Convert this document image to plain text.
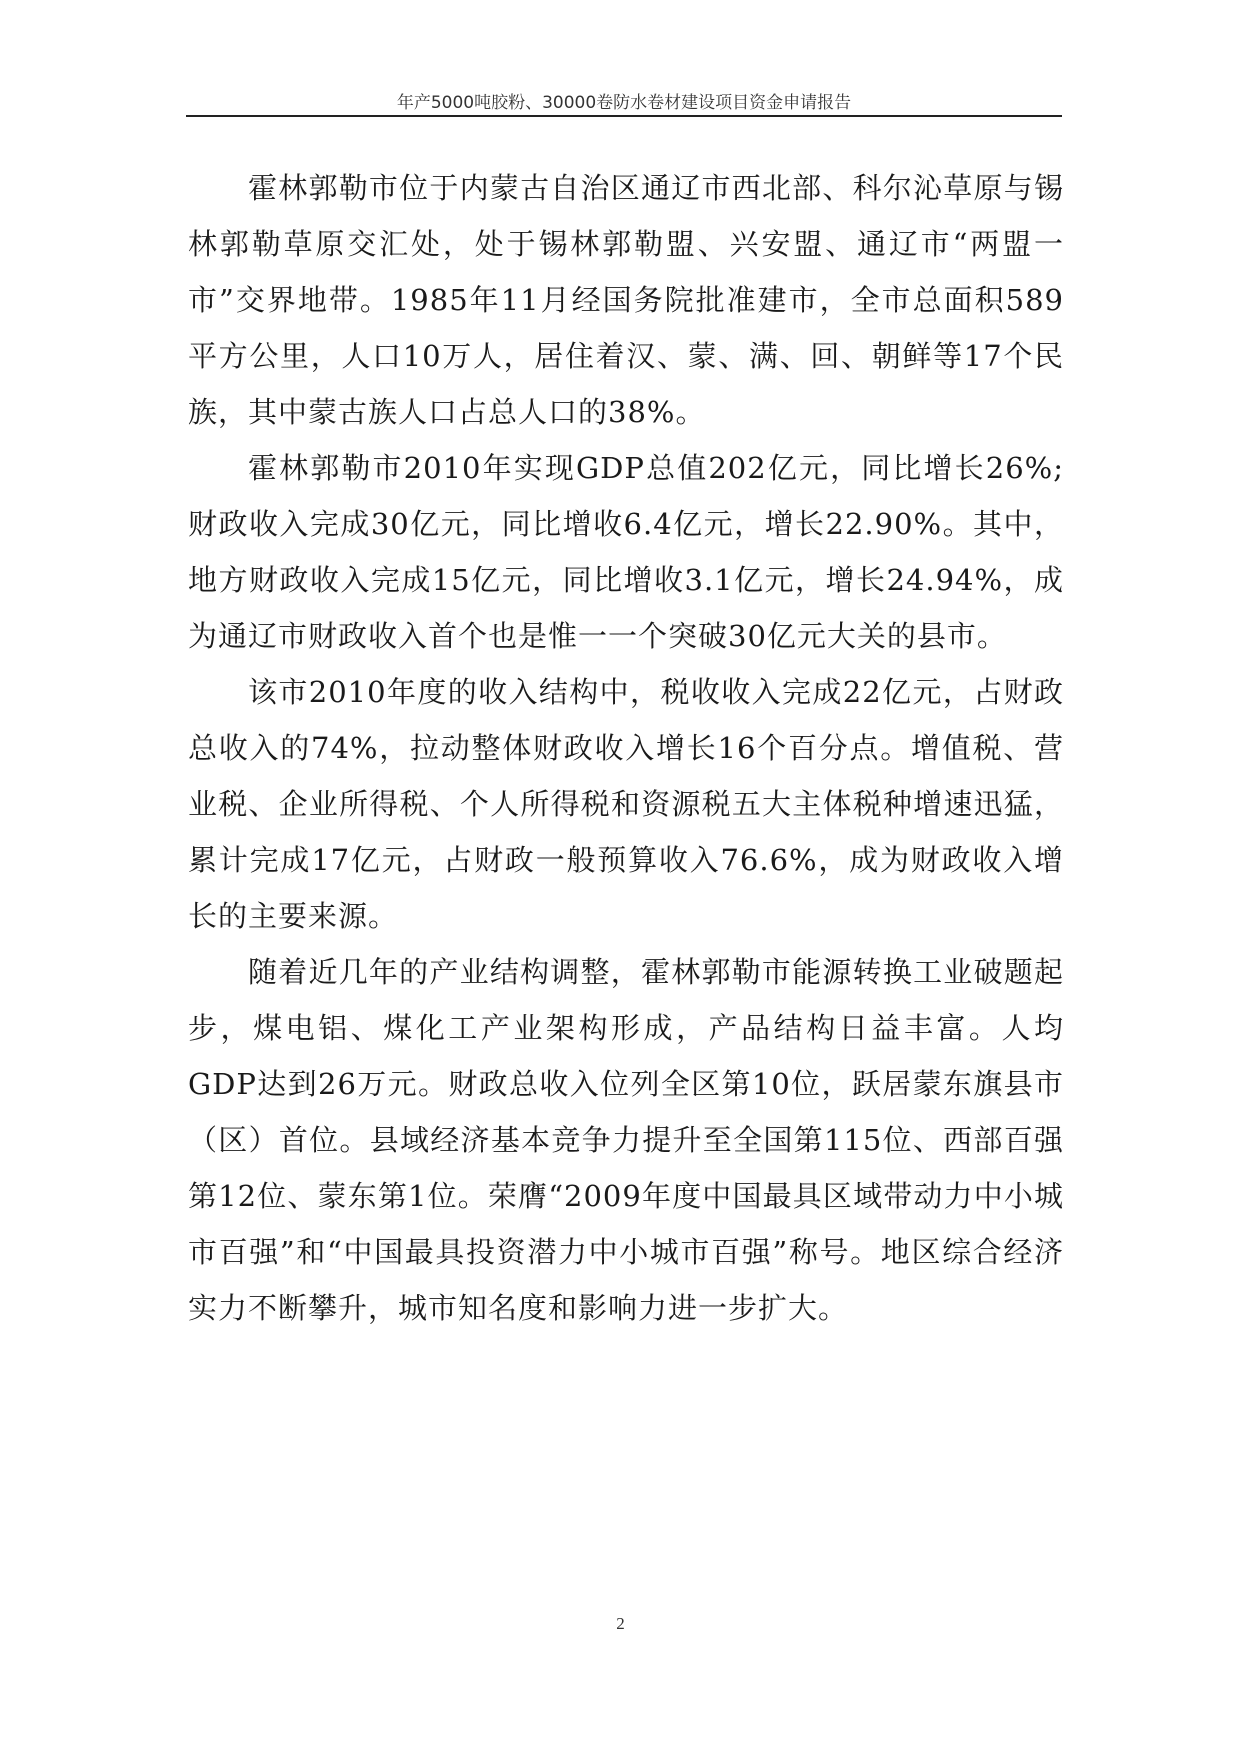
年产5000吨胶粉、30000卷防水卷材建设项目资金申请报告

霍林郭勒市位于内蒙古自治区通辽市西北部、科尔沁草原与锡林郭勒草原交汇处，处于锡林郭勒盟、兴安盟、通辽市“两盟一市”交界地带。1985年11月经国务院批准建市，全市总面积589平方公里，人口10万人，居住着汉、蒙、满、回、朝鲜等17个民族，其中蒙古族人口占总人口的38%。

霍林郭勒市2010年实现GDP总值202亿元，同比增长26%; 财政收入完成30亿元，同比增收6.4亿元，增长22.90%。其中，地方财政收入完成15亿元，同比增收3.1亿元，增长24.94%，成为通辽市财政收入首个也是惟一一个突破30亿元大关的县市。

该市2010年度的收入结构中，税收收入完成22亿元，占财政总收入的74%，拉动整体财政收入增长16个百分点。增值税、营业税、企业所得税、个人所得税和资源税五大主体税种增速迅猛，累计完成17亿元，占财政一般预算收入76.6%，成为财政收入增长的主要来源。

随着近几年的产业结构调整，霍林郭勒市能源转换工业破题起步，煤电铝、煤化工产业架构形成，产品结构日益丰富。人均GDP达到26万元。财政总收入位列全区第10位，跃居蒙东旗县市（区）首位。县域经济基本竞争力提升至全国第115位、西部百强第12位、蒙东第1位。荣膺“2009年度中国最具区域带动力中小城市百强”和“中国最具投资潜力中小城市百强”称号。地区综合经济实力不断攀升，城市知名度和影响力进一步扩大。

2
